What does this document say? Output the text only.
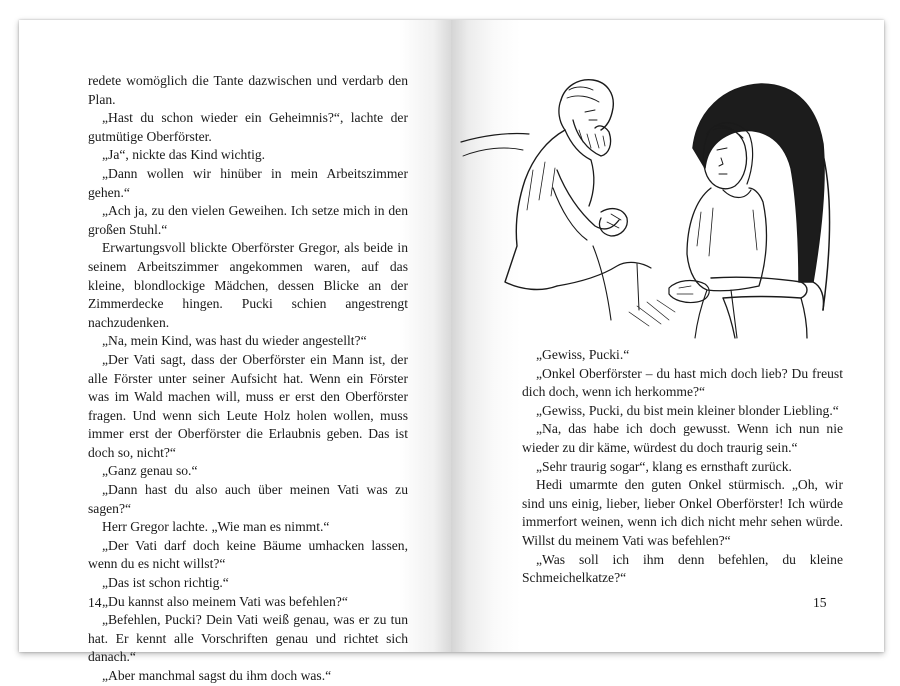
redete womöglich die Tante dazwischen und verdarb den Plan.

„Hast du schon wieder ein Geheimnis?“, lachte der gutmütige Oberförster.

„Ja“, nickte das Kind wichtig.

„Dann wollen wir hinüber in mein Arbeitszimmer gehen.“

„Ach ja, zu den vielen Geweihen. Ich setze mich in den großen Stuhl.“

Erwartungsvoll blickte Oberförster Gregor, als beide in seinem Arbeitszimmer angekommen waren, auf das kleine, blondlockige Mädchen, dessen Blicke an der Zimmerdecke hingen. Pucki schien angestrengt nachzudenken.

„Na, mein Kind, was hast du wieder angestellt?“

„Der Vati sagt, dass der Oberförster ein Mann ist, der alle Förster unter seiner Aufsicht hat. Wenn ein Förster was im Wald machen will, muss er erst den Oberförster fragen. Und wenn sich Leute Holz holen wollen, muss immer erst der Oberförster die Erlaubnis geben. Das ist doch so, nicht?“

„Ganz genau so.“

„Dann hast du also auch über meinen Vati was zu sagen?“

Herr Gregor lachte. „Wie man es nimmt.“

„Der Vati darf doch keine Bäume umhacken lassen, wenn du es nicht willst?“

„Das ist schon richtig.“

„Du kannst also meinem Vati was befehlen?“

„Befehlen, Pucki? Dein Vati weiß genau, was er zu tun hat. Er kennt alle Vorschriften genau und richtet sich danach.“

„Aber manchmal sagst du ihm doch was.“

14

„Gewiss, Pucki.“

„Onkel Oberförster – du hast mich doch lieb? Du freust dich doch, wenn ich herkomme?“

„Gewiss, Pucki, du bist mein kleiner blonder Liebling.“

„Na, das habe ich doch gewusst. Wenn ich nun nie wieder zu dir käme, würdest du doch traurig sein.“

„Sehr traurig sogar“, klang es ernsthaft zurück.

Hedi umarmte den guten Onkel stürmisch. „Oh, wir sind uns einig, lieber, lieber Onkel Oberförster! Ich würde immerfort weinen, wenn ich dich nicht mehr sehen würde. Willst du meinem Vati was befehlen?“

„Was soll ich ihm denn befehlen, du kleine Schmeichelkatze?“

15
